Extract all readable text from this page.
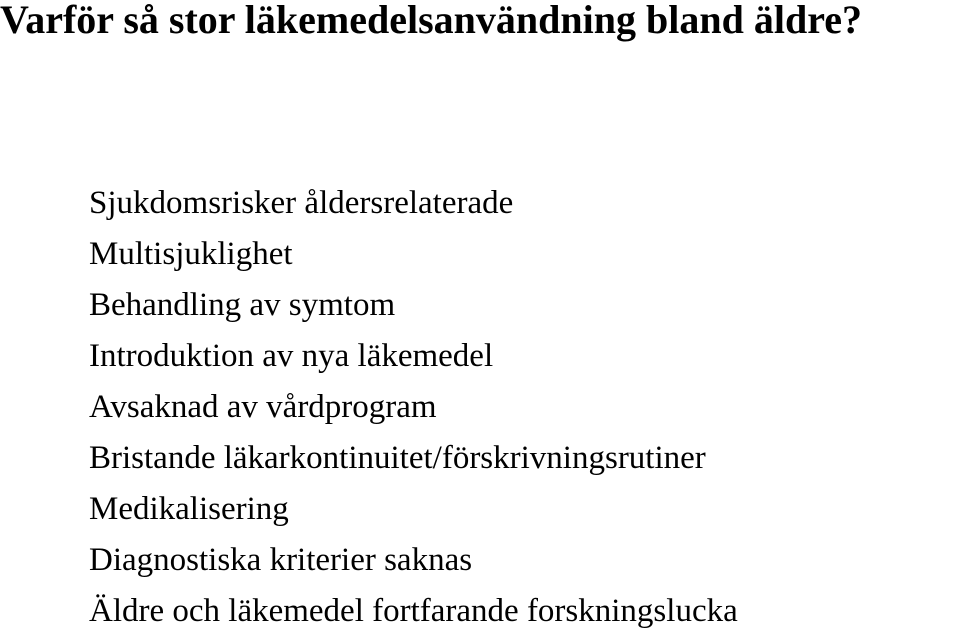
Varför så stor läkemedelsanvändning bland äldre?
Sjukdomsrisker åldersrelaterade
Multisjuklighet
Behandling av symtom
Introduktion av nya läkemedel
Avsaknad av vårdprogram
Bristande läkarkontinuitet/förskrivningsrutiner
Medikalisering
Diagnostiska kriterier saknas
Äldre och läkemedel fortfarande forskningslucka
